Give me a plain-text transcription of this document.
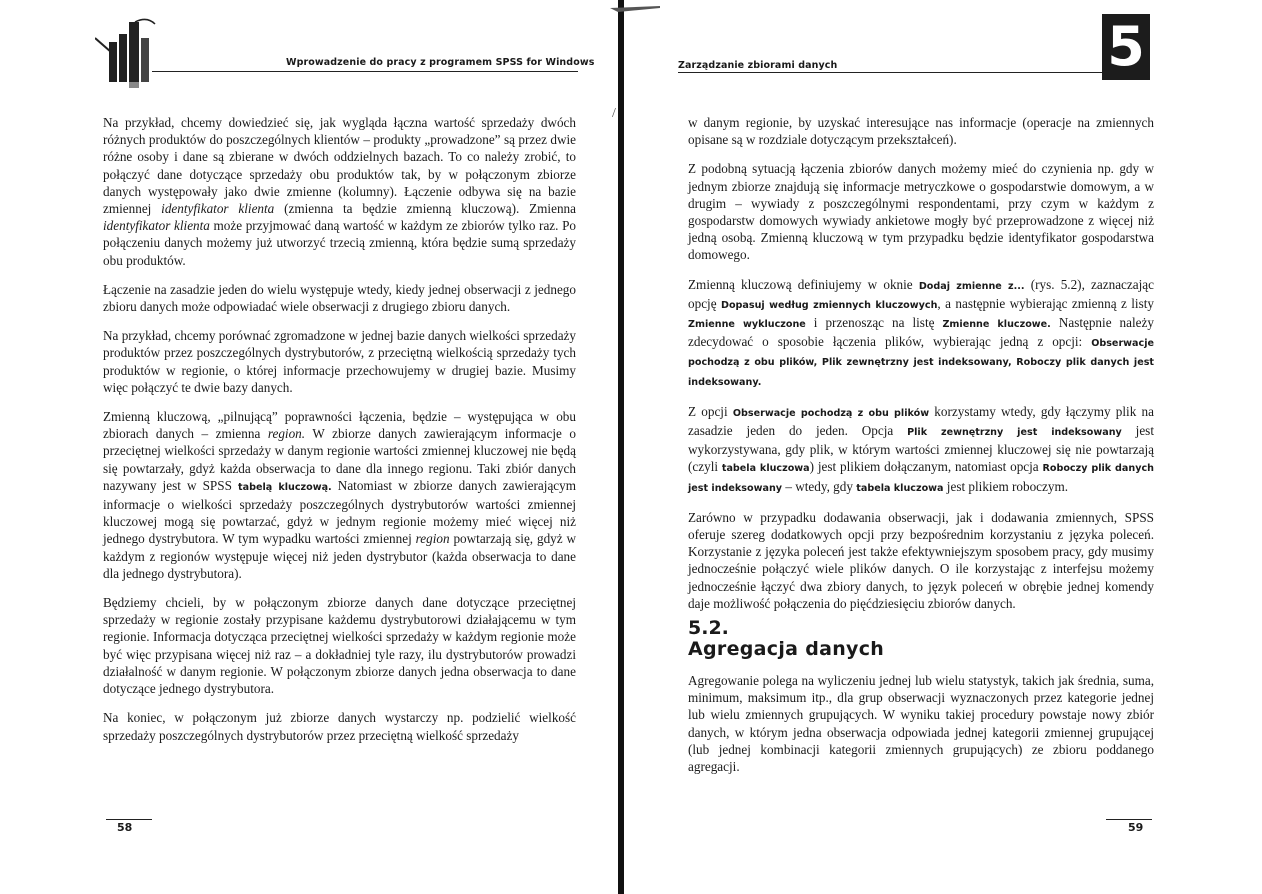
Wprowadzenie do pracy z programem SPSS for Windows

Na przykład, chcemy dowiedzieć się, jak wygląda łączna wartość sprzedaży dwóch różnych produktów do poszczególnych klientów – produkty „prowadzone” są przez dwie różne osoby i dane są zbierane w dwóch oddzielnych bazach. To co należy zrobić, to połączyć dane dotyczące sprzedaży obu produktów tak, by w połączonym zbiorze danych występowały jako dwie zmienne (kolumny). Łączenie odbywa się na bazie zmiennej identyfikator klienta (zmienna ta będzie zmienną kluczową). Zmienna identyfikator klienta może przyjmować daną wartość w każdym ze zbiorów tylko raz. Po połączeniu danych możemy już utworzyć trzecią zmienną, która będzie sumą sprzedaży obu produktów.

Łączenie na zasadzie jeden do wielu występuje wtedy, kiedy jednej obserwacji z jednego zbioru danych może odpowiadać wiele obserwacji z drugiego zbioru danych.

Na przykład, chcemy porównać zgromadzone w jednej bazie danych wielkości sprzedaży produktów przez poszczególnych dystrybutorów, z przeciętną wielkością sprzedaży tych produktów w regionie, o której informacje przechowujemy w drugiej bazie. Musimy więc połączyć te dwie bazy danych.

Zmienną kluczową, „pilnującą” poprawności łączenia, będzie – występująca w obu zbiorach danych – zmienna region. W zbiorze danych zawierającym informacje o przeciętnej wielkości sprzedaży w danym regionie wartości zmiennej kluczowej nie będą się powtarzały, gdyż każda obserwacja to dane dla innego regionu. Taki zbiór danych nazywany jest w SPSS tabelą kluczową. Natomiast w zbiorze danych zawierającym informacje o wielkości sprzedaży poszczególnych dystrybutorów wartości zmiennej kluczowej mogą się powtarzać, gdyż w jednym regionie możemy mieć więcej niż jednego dystrybutora. W tym wypadku wartości zmiennej region powtarzają się, gdyż w każdym z regionów występuje więcej niż jeden dystrybutor (każda obserwacja to dane dla jednego dystrybutora).

Będziemy chcieli, by w połączonym zbiorze danych dane dotyczące przeciętnej sprzedaży w regionie zostały przypisane każdemu dystrybutorowi działającemu w tym regionie. Informacja dotycząca przeciętnej wielkości sprzedaży w każdym regionie może być więc przypisana więcej niż raz – a dokładniej tyle razy, ilu dystrybutorów prowadzi działalność w danym regionie. W połączonym zbiorze danych jedna obserwacja to dane dotyczące jednego dystrybutora.

Na koniec, w połączonym już zbiorze danych wystarczy np. podzielić wielkość sprzedaży poszczególnych dystrybutorów przez przeciętną wielkość sprzedaży

58
/
Zarządzanie zbiorami danych	5

w danym regionie, by uzyskać interesujące nas informacje (operacje na zmiennych opisane są w rozdziale dotyczącym przekształceń).

Z podobną sytuacją łączenia zbiorów danych możemy mieć do czynienia np. gdy w jednym zbiorze znajdują się informacje metryczkowe o gospodarstwie domowym, a w drugim – wywiady z poszczególnymi respondentami, przy czym w każdym z gospodarstw domowych wywiady ankietowe mogły być przeprowadzone z więcej niż jedną osobą. Zmienną kluczową w tym przypadku będzie identyfikator gospodarstwa domowego.

Zmienną kluczową definiujemy w oknie Dodaj zmienne z... (rys. 5.2), zaznaczając opcję Dopasuj według zmiennych kluczowych, a następnie wybierając zmienną z listy Zmienne wykluczone i przenosząc na listę Zmienne kluczowe. Następnie należy zdecydować o sposobie łączenia plików, wybierając jedną z opcji: Obserwacje pochodzą z obu plików, Plik zewnętrzny jest indeksowany, Roboczy plik danych jest indeksowany.

Z opcji Obserwacje pochodzą z obu plików korzystamy wtedy, gdy łączymy plik na zasadzie jeden do jeden. Opcja Plik zewnętrzny jest indeksowany jest wykorzystywana, gdy plik, w którym wartości zmiennej kluczowej się nie powtarzają (czyli tabela kluczowa) jest plikiem dołączanym, natomiast opcja Roboczy plik danych jest indeksowany – wtedy, gdy tabela kluczowa jest plikiem roboczym.

Zarówno w przypadku dodawania obserwacji, jak i dodawania zmiennych, SPSS oferuje szereg dodatkowych opcji przy bezpośrednim korzystaniu z języka poleceń. Korzystanie z języka poleceń jest także efektywniejszym sposobem pracy, gdy musimy jednocześnie połączyć wiele plików danych. O ile korzystając z interfejsu możemy jednocześnie łączyć dwa zbiory danych, to język poleceń w obrębie jednej komendy daje możliwość połączenia do pięćdziesięciu zbiorów danych.

5.2.
Agregacja danych

Agregowanie polega na wyliczeniu jednej lub wielu statystyk, takich jak średnia, suma, minimum, maksimum itp., dla grup obserwacji wyznaczonych przez kategorie jednej lub wielu zmiennych grupujących. W wyniku takiej procedury powstaje nowy zbiór danych, w którym jedna obserwacja odpowiada jednej kategorii zmiennej grupującej (lub jednej kombinacji kategorii zmiennych grupujących) ze zbioru poddanego agregacji.

59
